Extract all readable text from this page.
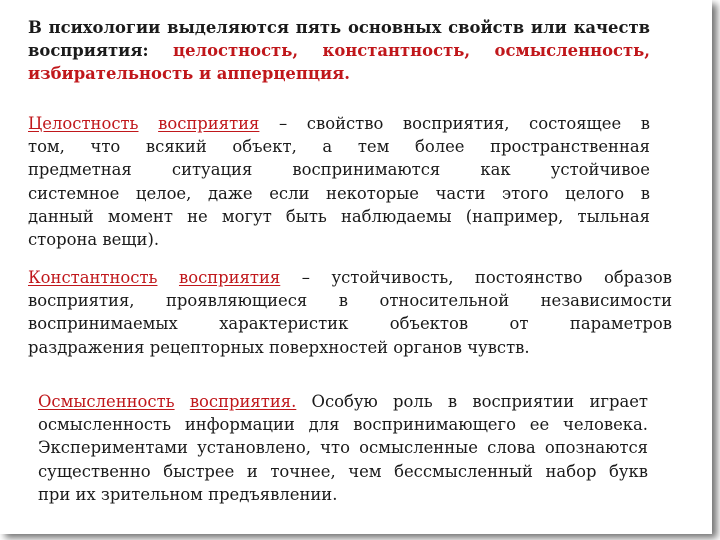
В психологии выделяются пять основных свойств или качеств
восприятия: целостность, константность, осмысленность,
избирательность и апперцепция.
Целостность восприятия – свойство восприятия, состоящее в
том, что всякий объект, а тем более пространственная
предметная ситуация воспринимаются как устойчивое
системное целое, даже если некоторые части этого целого в
данный момент не могут быть наблюдаемы (например, тыльная
сторона вещи).
Константность восприятия – устойчивость, постоянство образов
восприятия, проявляющиеся в относительной независимости
воспринимаемых характеристик объектов от параметров
раздражения рецепторных поверхностей органов чувств.
Осмысленность восприятия. Особую роль в восприятии играет
осмысленность информации для воспринимающего ее человека.
Экспериментами установлено, что осмысленные слова опознаются
существенно быстрее и точнее, чем бессмысленный набор букв
при их зрительном предъявлении.
